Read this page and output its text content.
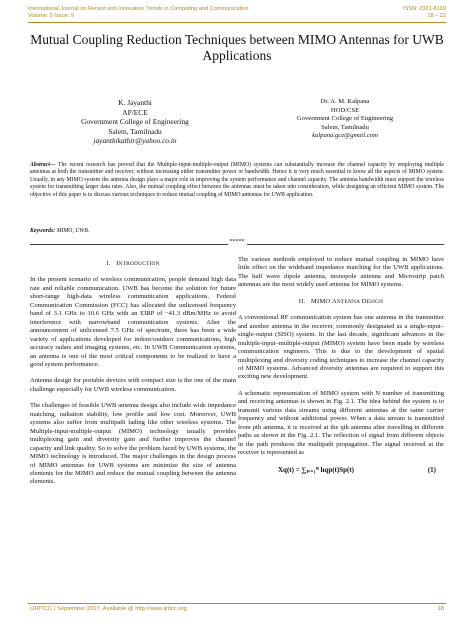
International Journal on Recent and Innovation Trends in Computing and Communication
Volume: 5 Issue: 9
ISSN: 2321-8169
18 – 22
Mutual Coupling Reduction Techniques between MIMO Antennas for UWB Applications
K. Jayanthi
AP/ECE
Government College of Engineering
Salem, Tamilnadu
jayanthikathir@yahoo.co.in
Dr. A. M. Kalpana
HOD/CSE
Government College of Engineering
Salem, Tamilnadu
kalpana.gce@gmail.com
Abstract— The recent research has proved that the Multiple-input-multiple-output (MIMO) systems can substantially increase the channel capacity by employing multiple antennas at both the transmitter and receiver, without increasing either transmitter power or bandwidth. Hence it is very much essential to know all the aspects of MIMO system. Usually, in any MIMO system the antenna design plays a major role in improving the system performance and channel capacity. The antenna bandwidth must support the wireless system for transmitting larger data rates. Also, the mutual coupling effect between the antennas must be taken into consideration, while designing an efficient MIMO system. The objective of this paper is to discuss various techniques to reduce mutual coupling of MIMO antennas for UWB application.
Keywords: MIMO, UWB.
*****
I. INTRODUCTION

In the present scenario of wireless communication, people demand high data rate and reliable communication. UWB has become the solution for future short-range high-data wireless communication applications. Federal Communication Commission (FCC) has allocated the unlicensed frequency band of 3.1 GHz to 10.6 GHz with an EIRP of −41.3 dBm/MHz to avoid interference with narrowband communication systems. After the announcement of unlicensed 7.5 GHz of spectrum, there has been a wide variety of applications developed for indoor/outdoor communications, high accuracy radars and imaging systems, etc. In UWB Communication systems, an antenna is one of the most critical components to be realized to have a good system performance.

Antenna design for portable devices with compact size is the one of the main challenge especially for UWB wireless communication.

The challenges of feasible UWB antenna design also include wide impedance matching, radiation stability, low profile and low cost. Moreover, UWB systems also suffer from multipath fading like other wireless systems. The Multiple-input-multiple-output (MIMO) technology usually provides multiplexing gain and diversity gain and further improves the channel capacity and link quality. So to solve the problem faced by UWB systems, the MIMO technology is introduced. The major challenges in the design process of MIMO antennas for UWB systems are minimize the size of antenna elements for the MIMO and reduce the mutual coupling between the antenna elements.

The various methods employed to reduce mutual coupling in MIMO have little effect on the wideband impedance matching for the UWB applications. The half wave dipole antenna, monopole antenna and Microstrip patch antennas are the most widely used antenna for MIMO systems.

II. MIMO ANTENNA DESIGN

A conventional RF communication system has one antenna in the transmitter and another antenna in the receiver, commonly designated as a single-input–single-output (SISO) system. In the last decade, significant advances in the multiple-input–multiple-output (MIMO) system have been made by wireless communication engineers. This is due to the development of spatial multiplexing and diversity coding techniques to increase the channel capacity of MIMO systems. Advanced diversity antennas are required to support this exciting new development.

A schematic representation of MIMO system with N number of transmitting and receiving antennas is shown in Fig. 2.1. The idea behind the system is to transmit various data streams using different antennas at the same carrier frequency and without additional power. When a data stream is transmitted from pth antenna, it is received at the qth antenna after travelling in different paths as shown in the Fig. 2.1. The reflection of signal from different objects in the path produces the multipath propagation. The signal received at the receiver is represented as

Xq(t) = ∑ₚ₌₁ᴺ hqp(t)Sp(t)	(1)
IJRITCC | September 2017, Available @ http://www.ijritcc.org	18
